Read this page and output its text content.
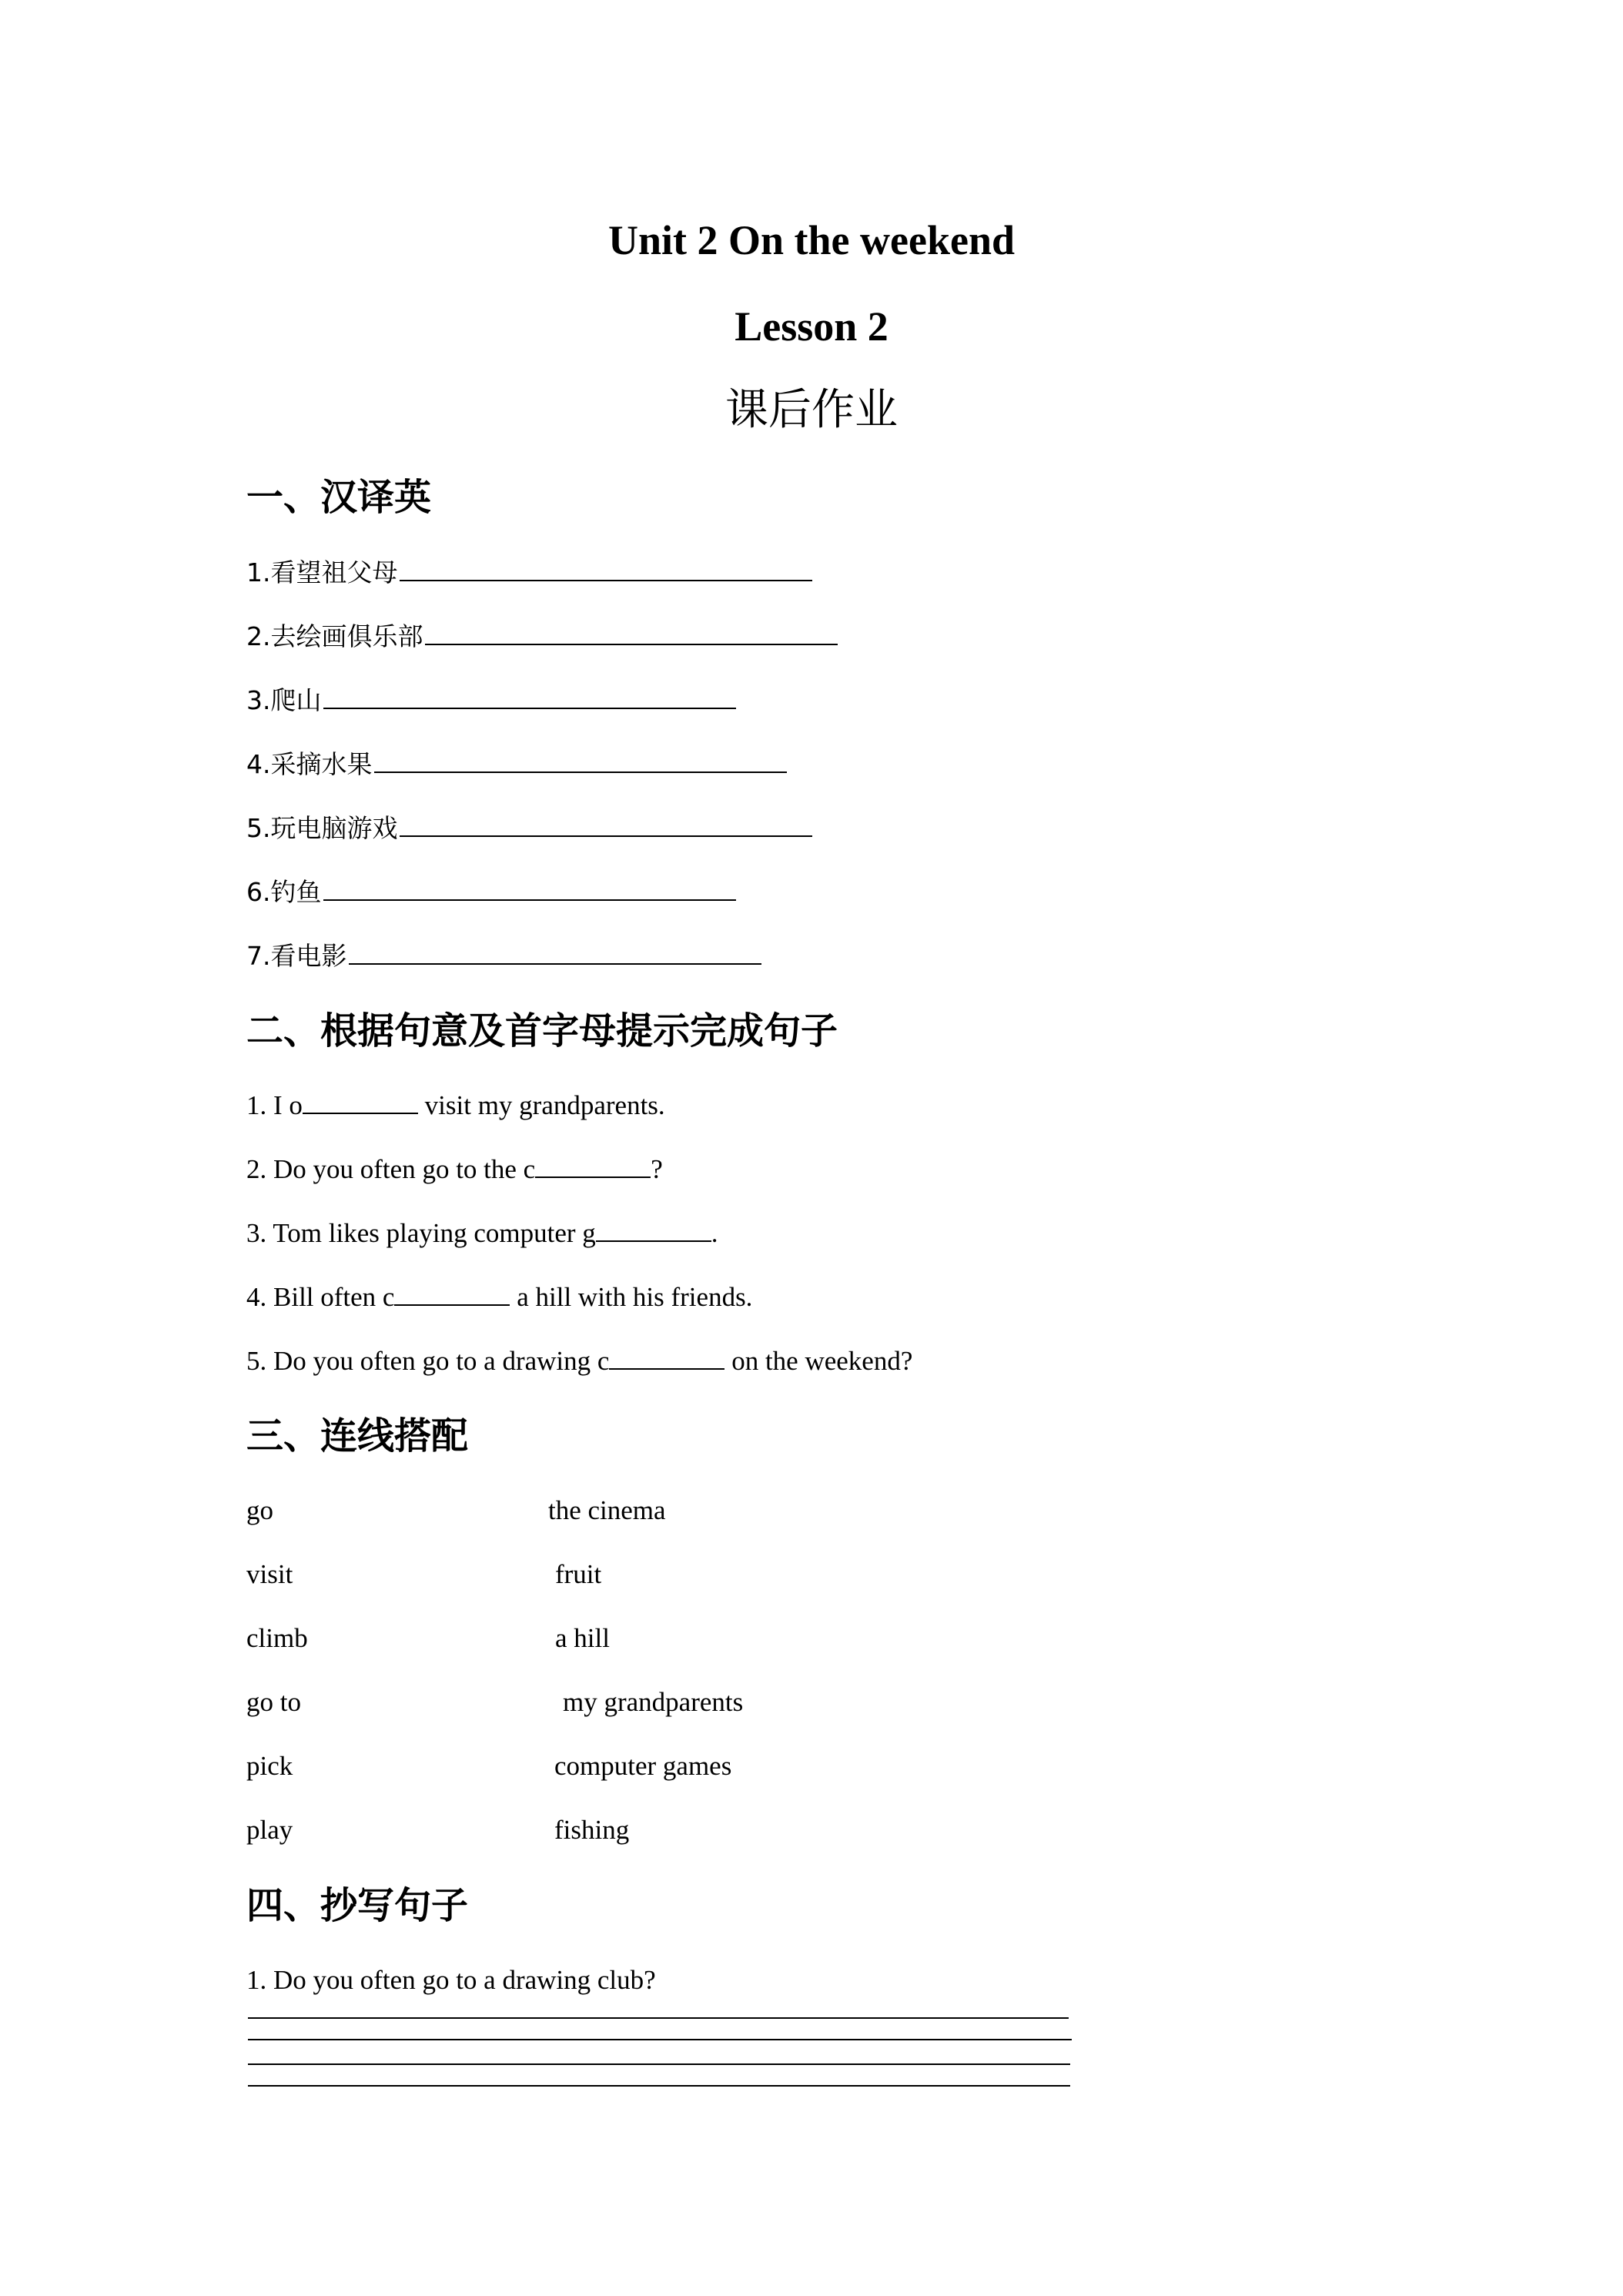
Unit 2 On the weekend
Lesson 2
课后作业
一、汉译英
1.看望祖父母
2.去绘画俱乐部
3.爬山
4.采摘水果
5.玩电脑游戏
6.钓鱼
7.看电影
二、根据句意及首字母提示完成句子
1. I o	visit my grandparents.
2. Do you often go to the c	?
3. Tom likes playing computer g	.
4. Bill often c	a hill with his friends.
5. Do you often go to a drawing c	on the weekend?
三、连线搭配
go	the cinema
visit	fruit
climb	a hill
go to	my grandparents
pick	computer games
play	fishing
四、抄写句子
1. Do you often go to a drawing club?
